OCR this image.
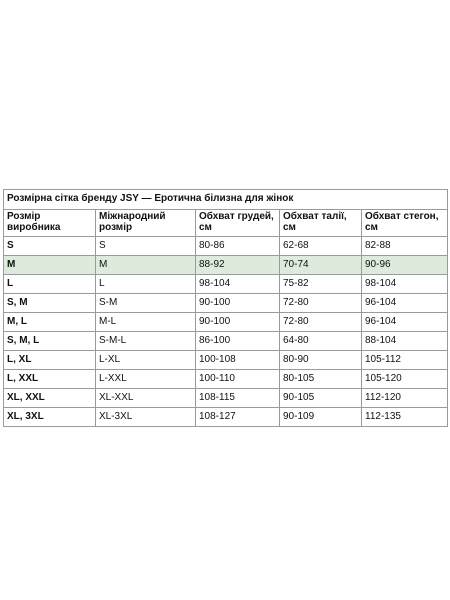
Розмірна сітка бренду JSY — Еротична білизна для жінок				
Розмір виробника	Міжнародний розмір	Обхват грудей, см	Обхват талії, см	Обхват стегон, см
S	S	80-86	62-68	82-88
M	M	88-92	70-74	90-96
L	L	98-104	75-82	98-104
S, M	S-M	90-100	72-80	96-104
M, L	M-L	90-100	72-80	96-104
S, M, L	S-M-L	86-100	64-80	88-104
L, XL	L-XL	100-108	80-90	105-112
L, XXL	L-XXL	100-110	80-105	105-120
XL, XXL	XL-XXL	108-115	90-105	112-120
XL, 3XL	XL-3XL	108-127	90-109	112-135
